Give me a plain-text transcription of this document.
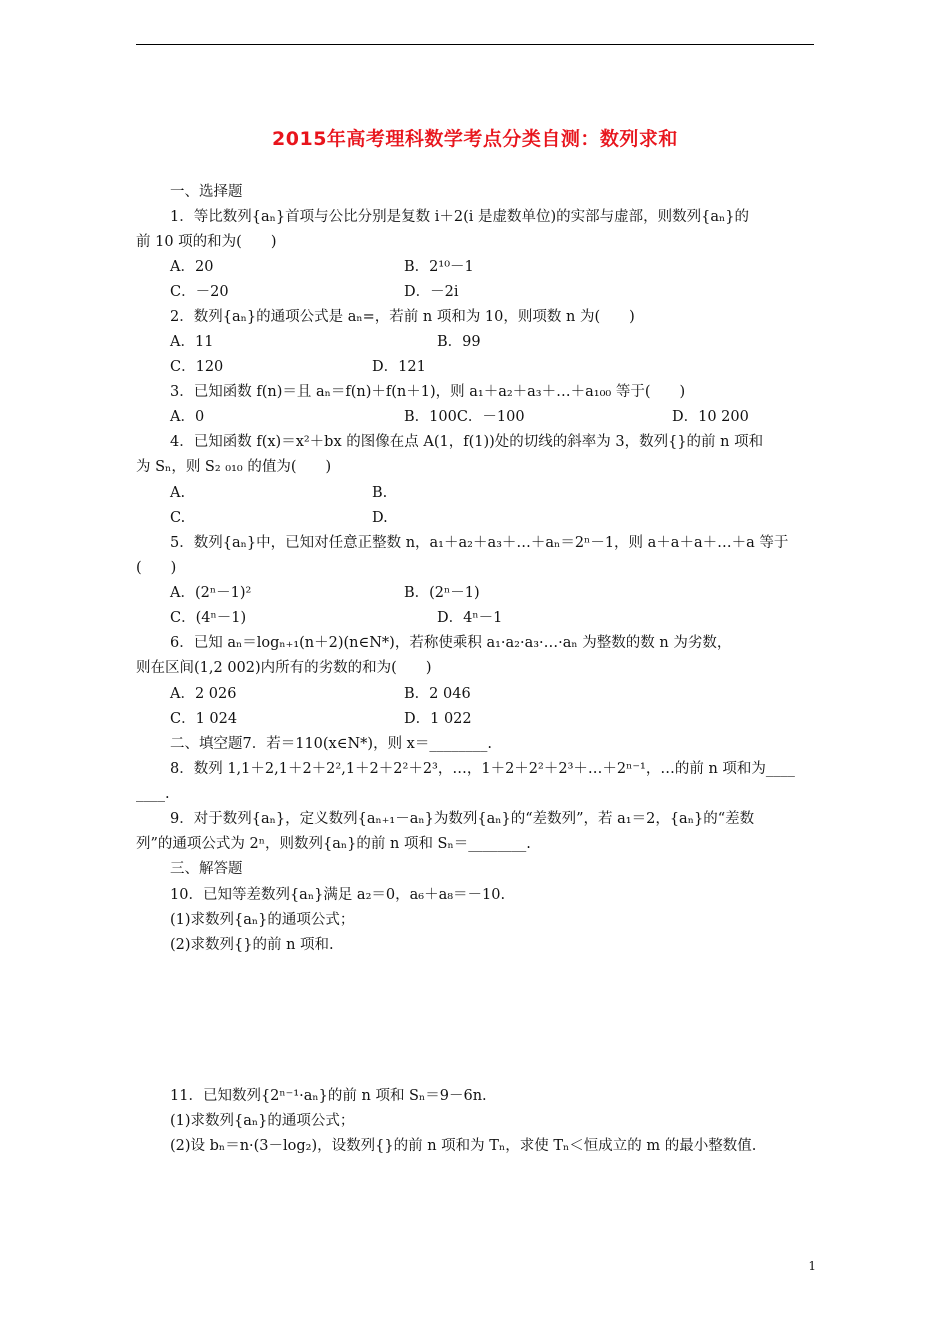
2015年高考理科数学考点分类自测：数列求和
一、选择题
1．等比数列{aₙ}首项与公比分别是复数 i＋2(i 是虚数单位)的实部与虚部，则数列{aₙ}的
前 10 项的和为(　　)
A．20	B．2¹⁰－1
C．－20	D．－2i
2．数列{aₙ}的通项公式是 aₙ=，若前 n 项和为 10，则项数 n 为(　　)
A．11	B．99
C．120	D．121
3．已知函数 f(n)＝且 aₙ＝f(n)＋f(n＋1)，则 a₁＋a₂＋a₃＋…＋a₁₀₀ 等于(　　)
A．0	B．100C．－100	D．10 200
4．已知函数 f(x)＝x²＋bx 的图像在点 A(1，f(1))处的切线的斜率为 3，数列{}的前 n 项和
为 Sₙ，则 S₂ ₀₁₀ 的值为(　　)
A.	B.
C.	D.
5．数列{aₙ}中，已知对任意正整数 n，a₁＋a₂＋a₃＋…＋aₙ＝2ⁿ－1，则 a＋a＋a＋…＋a 等于
(　　)
A．(2ⁿ－1)²	B．(2ⁿ－1)
C．(4ⁿ－1)	D．4ⁿ－1
6．已知 aₙ＝logₙ₊₁(n＋2)(n∈N*)，若称使乘积 a₁·a₂·a₃·…·aₙ 为整数的数 n 为劣数，
则在区间(1,2 002)内所有的劣数的和为(　　)
A．2 026	B．2 046
C．1 024	D．1 022
二、填空题7．若＝110(x∈N*)，则 x＝________.
8．数列 1,1＋2,1＋2＋2²,1＋2＋2²＋2³，…，1＋2＋2²＋2³＋…＋2ⁿ⁻¹，…的前 n 项和为____
____.
9．对于数列{aₙ}，定义数列{aₙ₊₁－aₙ}为数列{aₙ}的“差数列”，若 a₁＝2，{aₙ}的“差数
列”的通项公式为 2ⁿ，则数列{aₙ}的前 n 项和 Sₙ＝________.
三、解答题
10．已知等差数列{aₙ}满足 a₂＝0，a₆＋a₈＝－10.
(1)求数列{aₙ}的通项公式；
(2)求数列{}的前 n 项和.
11．已知数列{2ⁿ⁻¹·aₙ}的前 n 项和 Sₙ＝9－6n.
(1)求数列{aₙ}的通项公式；
(2)设 bₙ＝n·(3－log₂)，设数列{}的前 n 项和为 Tₙ，求使 Tₙ＜恒成立的 m 的最小整数值.
1
